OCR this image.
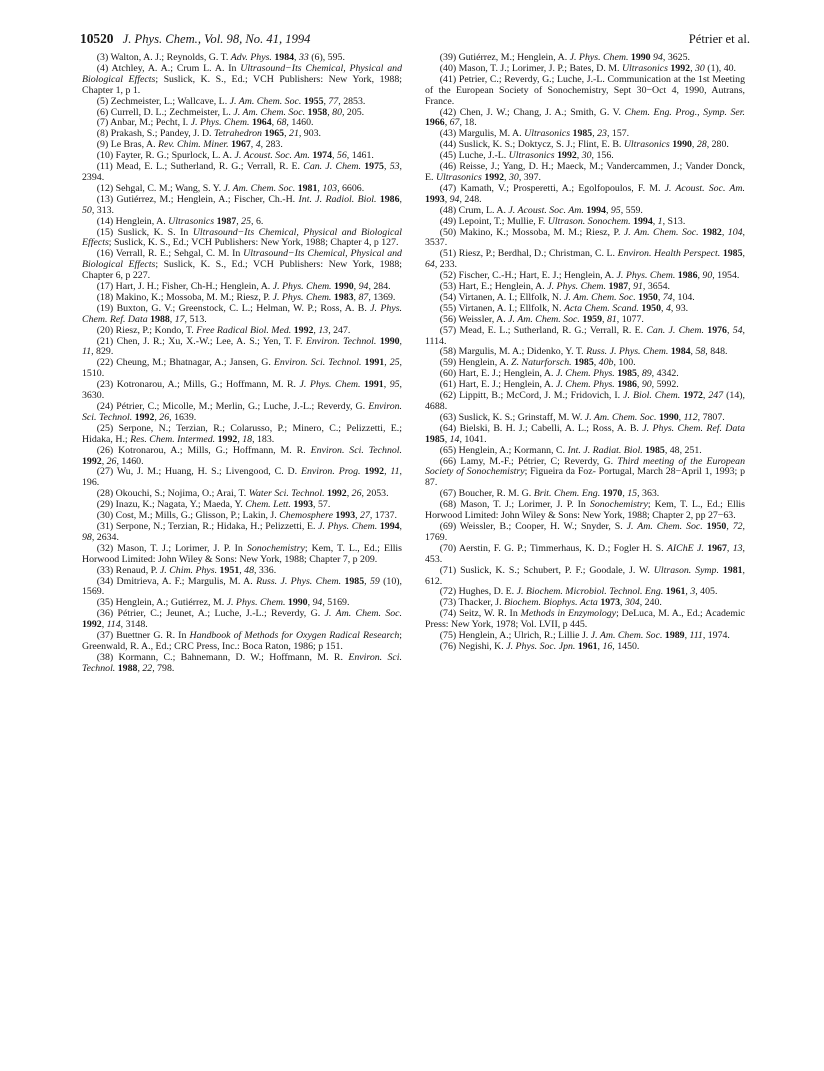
10520 J. Phys. Chem., Vol. 98, No. 41, 1994	Pétrier et al.

(3) Walton, A. J.; Reynolds, G. T. Adv. Phys. 1984, 33 (6), 595.

(4) Atchley, A. A.; Crum L. A. In Ultrasound−Its Chemical, Physical and Biological Effects; Suslick, K. S., Ed.; VCH Publishers: New York, 1988; Chapter 1, p 1.

(5) Zechmeister, L.; Wallcave, L. J. Am. Chem. Soc. 1955, 77, 2853.

(6) Currell, D. L.; Zechmeister, L. J. Am. Chem. Soc. 1958, 80, 205.

(7) Anbar, M.; Pecht, I. J. Phys. Chem. 1964, 68, 1460.

(8) Prakash, S.; Pandey, J. D. Tetrahedron 1965, 21, 903.

(9) Le Bras, A. Rev. Chim. Miner. 1967, 4, 283.

(10) Fayter, R. G.; Spurlock, L. A. J. Acoust. Soc. Am. 1974, 56, 1461.

(11) Mead, E. L.; Sutherland, R. G.; Verrall, R. E. Can. J. Chem. 1975, 53, 2394.

(12) Sehgal, C. M.; Wang, S. Y. J. Am. Chem. Soc. 1981, 103, 6606.

(13) Gutiérrez, M.; Henglein, A.; Fischer, Ch.-H. Int. J. Radiol. Biol. 1986, 50, 313.

(14) Henglein, A. Ultrasonics 1987, 25, 6.

(15) Suslick, K. S. In Ultrasound−Its Chemical, Physical and Biological Effects; Suslick, K. S., Ed.; VCH Publishers: New York, 1988; Chapter 4, p 127.

(16) Verrall, R. E.; Sehgal, C. M. In Ultrasound−Its Chemical, Physical and Biological Effects; Suslick, K. S., Ed.; VCH Publishers: New York, 1988; Chapter 6, p 227.

(17) Hart, J. H.; Fisher, Ch-H.; Henglein, A. J. Phys. Chem. 1990, 94, 284.

(18) Makino, K.; Mossoba, M. M.; Riesz, P. J. Phys. Chem. 1983, 87, 1369.

(19) Buxton, G. V.; Greenstock, C. L.; Helman, W. P.; Ross, A. B. J. Phys. Chem. Ref. Data 1988, 17, 513.

(20) Riesz, P.; Kondo, T. Free Radical Biol. Med. 1992, 13, 247.

(21) Chen, J. R.; Xu, X.-W.; Lee, A. S.; Yen, T. F. Environ. Technol. 1990, 11, 829.

(22) Cheung, M.; Bhatnagar, A.; Jansen, G. Environ. Sci. Technol. 1991, 25, 1510.

(23) Kotronarou, A.; Mills, G.; Hoffmann, M. R. J. Phys. Chem. 1991, 95, 3630.

(24) Pétrier, C.; Micolle, M.; Merlin, G.; Luche, J.-L.; Reverdy, G. Environ. Sci. Technol. 1992, 26, 1639.

(25) Serpone, N.; Terzian, R.; Colarusso, P.; Minero, C.; Pelizzetti, E.; Hidaka, H.; Res. Chem. Intermed. 1992, 18, 183.

(26) Kotronarou, A.; Mills, G.; Hoffmann, M. R. Environ. Sci. Technol. 1992, 26, 1460.

(27) Wu, J. M.; Huang, H. S.; Livengood, C. D. Environ. Prog. 1992, 11, 196.

(28) Okouchi, S.; Nojima, O.; Arai, T. Water Sci. Technol. 1992, 26, 2053.

(29) Inazu, K.; Nagata, Y.; Maeda, Y. Chem. Lett. 1993, 57.

(30) Cost, M.; Mills, G.; Glisson, P.; Lakin, J. Chemosphere 1993, 27, 1737.

(31) Serpone, N.; Terzian, R.; Hidaka, H.; Pelizzetti, E. J. Phys. Chem. 1994, 98, 2634.

(32) Mason, T. J.; Lorimer, J. P. In Sonochemistry; Kem, T. L., Ed.; Ellis Horwood Limited: John Wiley & Sons: New York, 1988; Chapter 7, p 209.

(33) Renaud, P. J. Chim. Phys. 1951, 48, 336.

(34) Dmitrieva, A. F.; Margulis, M. A. Russ. J. Phys. Chem. 1985, 59 (10), 1569.

(35) Henglein, A.; Gutiérrez, M. J. Phys. Chem. 1990, 94, 5169.

(36) Pétrier, C.; Jeunet, A.; Luche, J.-L.; Reverdy, G. J. Am. Chem. Soc. 1992, 114, 3148.

(37) Buettner G. R. In Handbook of Methods for Oxygen Radical Research; Greenwald, R. A., Ed.; CRC Press, Inc.: Boca Raton, 1986; p 151.

(38) Kormann, C.; Bahnemann, D. W.; Hoffmann, M. R. Environ. Sci. Technol. 1988, 22, 798.

(39) Gutiérrez, M.; Henglein, A. J. Phys. Chem. 1990 94, 3625.

(40) Mason, T. J.; Lorimer, J. P.; Bates, D. M. Ultrasonics 1992, 30 (1), 40.

(41) Petrier, C.; Reverdy, G.; Luche, J.-L. Communication at the 1st Meeting of the European Society of Sonochemistry, Sept 30−Oct 4, 1990, Autrans, France.

(42) Chen, J. W.; Chang, J. A.; Smith, G. V. Chem. Eng. Prog., Symp. Ser. 1966, 67, 18.

(43) Margulis, M. A. Ultrasonics 1985, 23, 157.

(44) Suslick, K. S.; Doktycz, S. J.; Flint, E. B. Ultrasonics 1990, 28, 280.

(45) Luche, J.-L. Ultrasonics 1992, 30, 156.

(46) Reisse, J.; Yang, D. H.; Maeck, M.; Vandercammen, J.; Vander Donck, E. Ultrasonics 1992, 30, 397.

(47) Kamath, V.; Prosperetti, A.; Egolfopoulos, F. M. J. Acoust. Soc. Am. 1993, 94, 248.

(48) Crum, L. A. J. Acoust. Soc. Am. 1994, 95, 559.

(49) Lepoint, T.; Mullie, F. Ultrason. Sonochem. 1994, 1, S13.

(50) Makino, K.; Mossoba, M. M.; Riesz, P. J. Am. Chem. Soc. 1982, 104, 3537.

(51) Riesz, P.; Berdhal, D.; Christman, C. L. Environ. Health Perspect. 1985, 64, 233.

(52) Fischer, C.-H.; Hart, E. J.; Henglein, A. J. Phys. Chem. 1986, 90, 1954.

(53) Hart, E.; Henglein, A. J. Phys. Chem. 1987, 91, 3654.

(54) Virtanen, A. I.; Ellfolk, N. J. Am. Chem. Soc. 1950, 74, 104.

(55) Virtanen, A. I.; Ellfolk, N. Acta Chem. Scand. 1950, 4, 93.

(56) Weissler, A. J. Am. Chem. Soc. 1959, 81, 1077.

(57) Mead, E. L.; Sutherland, R. G.; Verrall, R. E. Can. J. Chem. 1976, 54, 1114.

(58) Margulis, M. A.; Didenko, Y. T. Russ. J. Phys. Chem. 1984, 58, 848.

(59) Henglein, A. Z. Naturforsch. 1985, 40b, 100.

(60) Hart, E. J.; Henglein, A. J. Chem. Phys. 1985, 89, 4342.

(61) Hart, E. J.; Henglein, A. J. Chem. Phys. 1986, 90, 5992.

(62) Lippitt, B.; McCord, J. M.; Fridovich, I. J. Biol. Chem. 1972, 247 (14), 4688.

(63) Suslick, K. S.; Grinstaff, M. W. J. Am. Chem. Soc. 1990, 112, 7807.

(64) Bielski, B. H. J.; Cabelli, A. L.; Ross, A. B. J. Phys. Chem. Ref. Data 1985, 14, 1041.

(65) Henglein, A.; Kormann, C. Int. J. Radiat. Biol. 1985, 48, 251.

(66) Lamy, M.-F.; Pétrier, C; Reverdy, G. Third meeting of the European Society of Sonochemistry; Figueira da Foz- Portugal, March 28−April 1, 1993; p 87.

(67) Boucher, R. M. G. Brit. Chem. Eng. 1970, 15, 363.

(68) Mason, T. J.; Lorimer, J. P. In Sonochemistry; Kem, T. L., Ed.; Ellis Horwood Limited: John Wiley & Sons: New York, 1988; Chapter 2, pp 27−63.

(69) Weissler, B.; Cooper, H. W.; Snyder, S. J. Am. Chem. Soc. 1950, 72, 1769.

(70) Aerstin, F. G. P.; Timmerhaus, K. D.; Fogler H. S. AIChE J. 1967, 13, 453.

(71) Suslick, K. S.; Schubert, P. F.; Goodale, J. W. Ultrason. Symp. 1981, 612.

(72) Hughes, D. E. J. Biochem. Microbiol. Technol. Eng. 1961, 3, 405.

(73) Thacker, J. Biochem. Biophys. Acta 1973, 304, 240.

(74) Seitz, W. R. In Methods in Enzymology; DeLuca, M. A., Ed.; Academic Press: New York, 1978; Vol. LVII, p 445.

(75) Henglein, A.; Ulrich, R.; Lillie J. J. Am. Chem. Soc. 1989, 111, 1974.

(76) Negishi, K. J. Phys. Soc. Jpn. 1961, 16, 1450.
